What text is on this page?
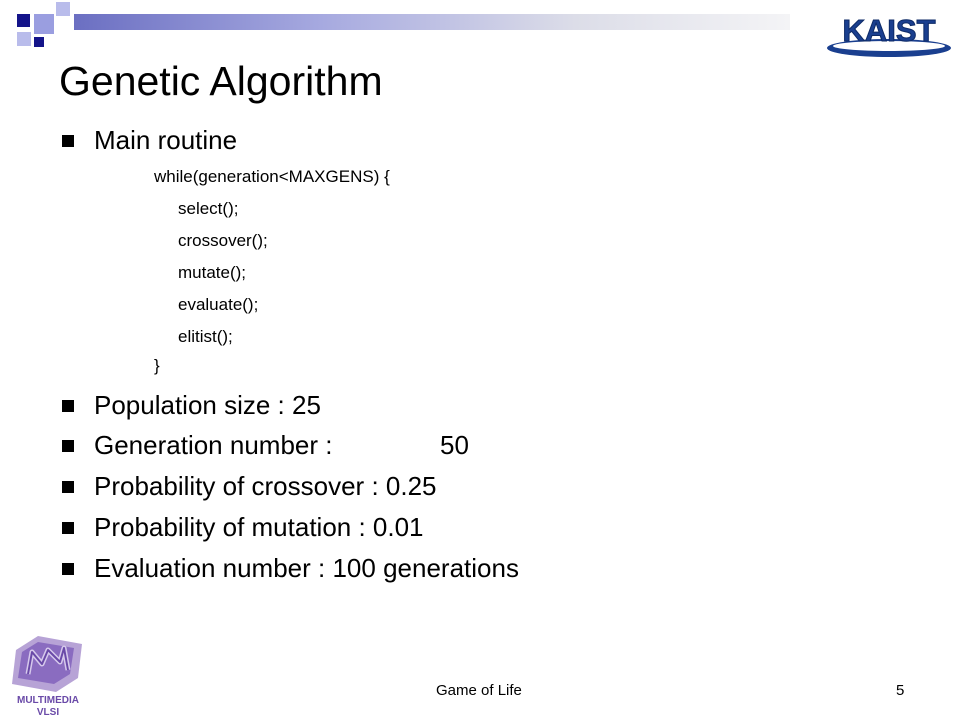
KAIST
Genetic Algorithm
Main routine
while(generation<MAXGENS) {
select();
crossover();
mutate();
evaluate();
elitist();
}
Population size : 25
Generation number :	50
Probability of crossover : 0.25
Probability of mutation : 0.01
Evaluation number : 100 generations
MULTIMEDIA
VLSI
Game of Life	5
